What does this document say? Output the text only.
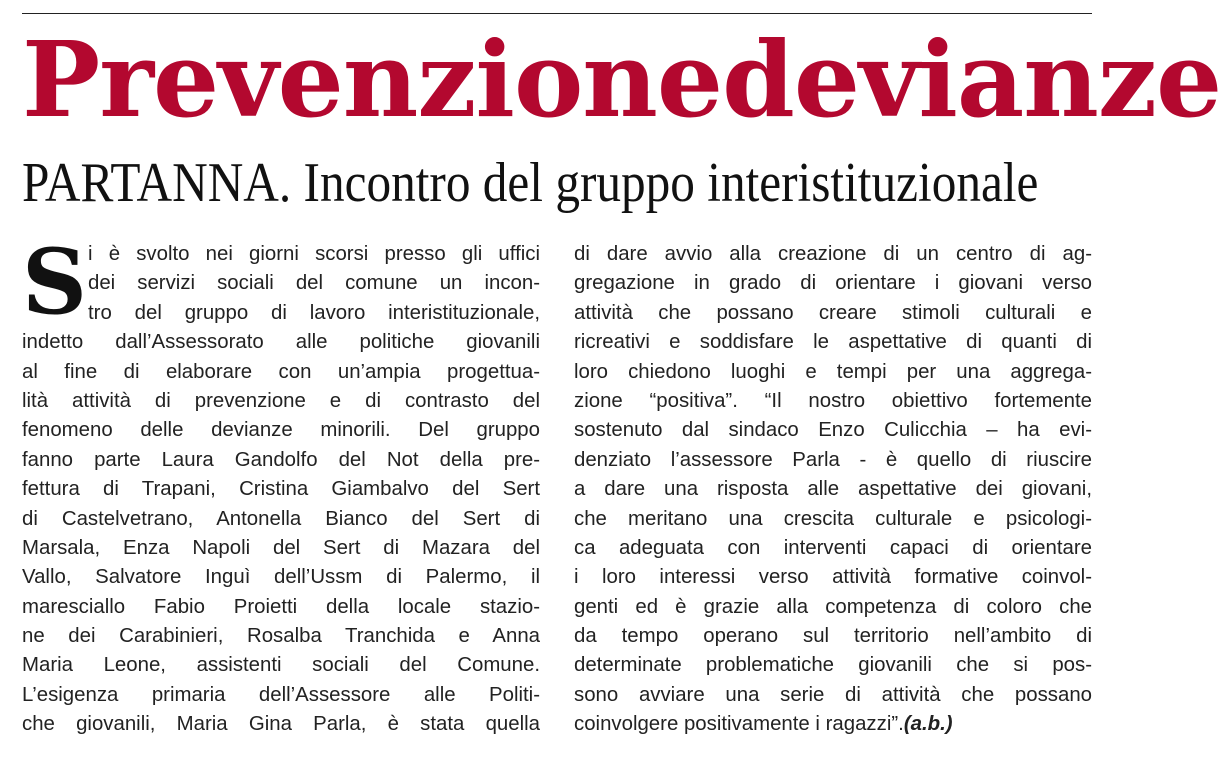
Prevenzione devianze
PARTANNA. Incontro del gruppo interistituzionale
S i è svolto nei giorni scorsi presso gli uffici
dei servizi sociali del comune un incon-
tro del gruppo di lavoro interistituzionale,
indetto dall’Assessorato alle politiche giovanili
al fine di elaborare con un’ampia progettua-
lità attività di prevenzione e di contrasto del
fenomeno delle devianze minorili. Del gruppo
fanno parte Laura Gandolfo del Not della pre-
fettura di Trapani, Cristina Giambalvo del Sert
di Castelvetrano, Antonella Bianco del Sert di
Marsala, Enza Napoli del Sert di Mazara del
Vallo, Salvatore Inguì dell’Ussm di Palermo, il
maresciallo Fabio Proietti della locale stazio-
ne dei Carabinieri, Rosalba Tranchida e Anna
Maria Leone, assistenti sociali del Comune.
L’esigenza primaria dell’Assessore alle Politi-
che giovanili, Maria Gina Parla, è stata quella
di dare avvio alla creazione di un centro di ag-
gregazione in grado di orientare i giovani verso
attività che possano creare stimoli culturali e
ricreativi e soddisfare le aspettative di quanti di
loro chiedono luoghi e tempi per una aggrega-
zione “positiva”. “Il nostro obiettivo fortemente
sostenuto dal sindaco Enzo Culicchia – ha evi-
denziato l’assessore Parla - è quello di riuscire
a dare una risposta alle aspettative dei giovani,
che meritano una crescita culturale e psicologi-
ca adeguata con interventi capaci di orientare
i loro interessi verso attività formative coinvol-
genti ed è grazie alla competenza di coloro che
da tempo operano sul territorio nell’ambito di
determinate problematiche giovanili che si pos-
sono avviare una serie di attività che possano
coinvolgere positivamente i ragazzi”.(a.b.)
